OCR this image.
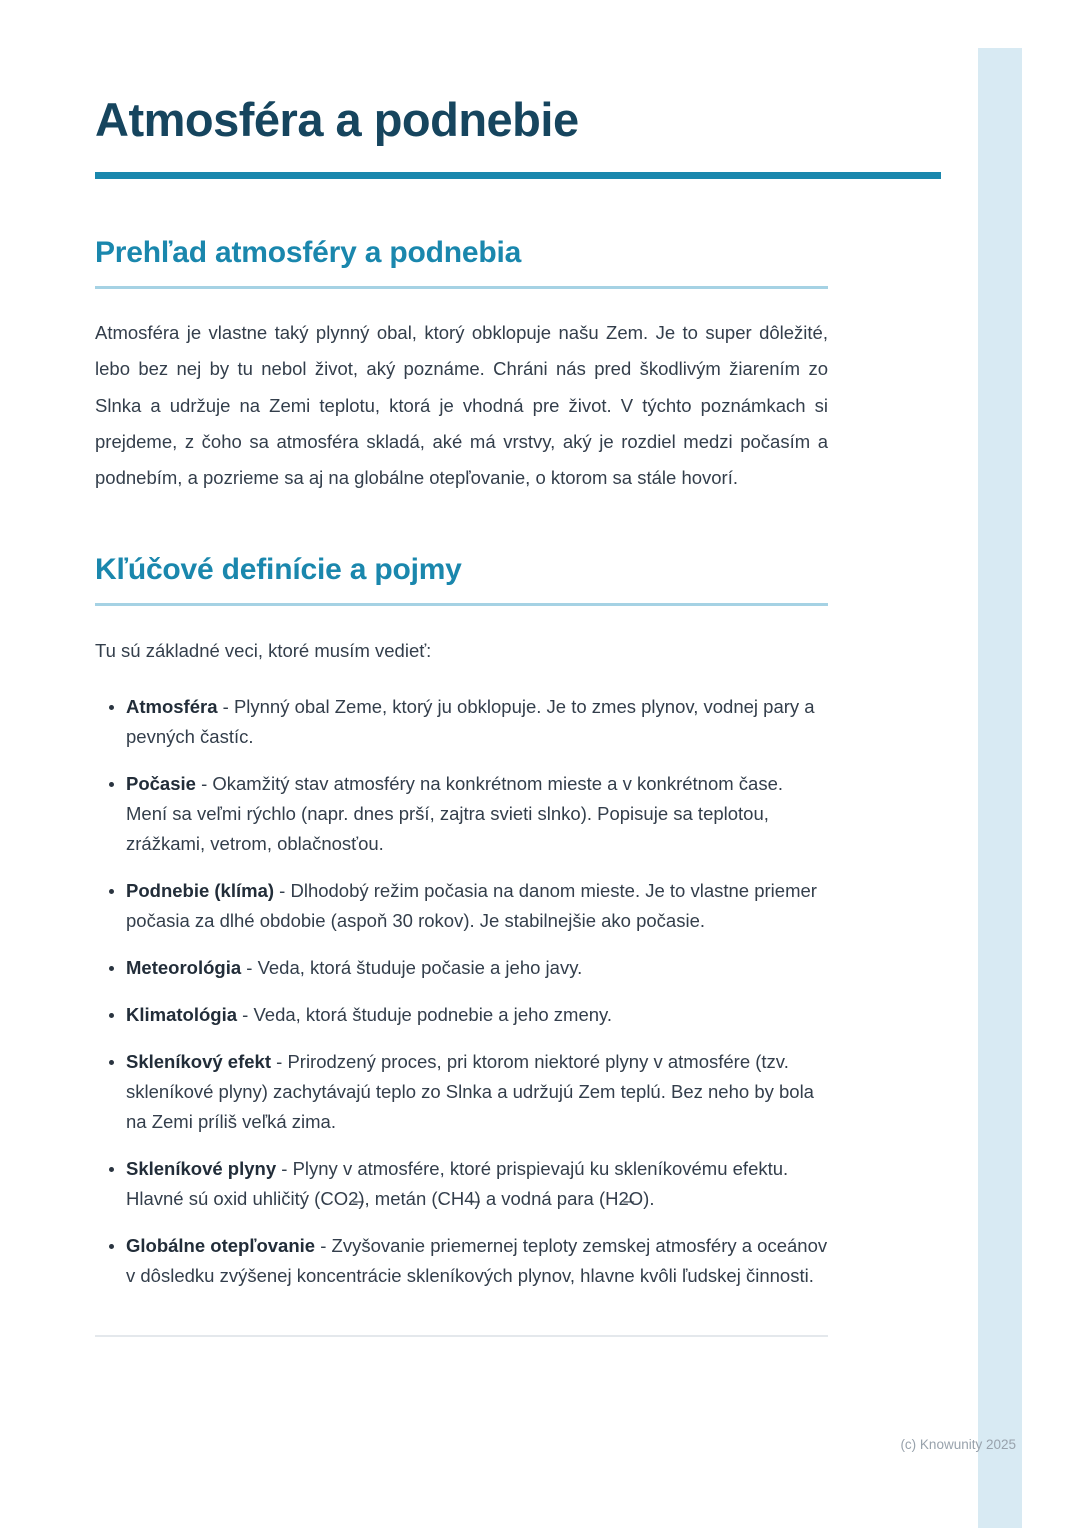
Atmosféra a podnebie
Prehľad atmosféry a podnebia

Atmosféra je vlastne taký plynný obal, ktorý obklopuje našu Zem. Je to super dôležité, lebo bez nej by tu nebol život, aký poznáme. Chráni nás pred škodlivým žiarením zo Slnka a udržuje na Zemi teplotu, ktorá je vhodná pre život. V týchto poznámkach si prejdeme, z čoho sa atmosféra skladá, aké má vrstvy, aký je rozdiel medzi počasím a podnebím, a pozrieme sa aj na globálne otepľovanie, o ktorom sa stále hovorí.

Kľúčové definície a pojmy

Tu sú základné veci, ktoré musím vedieť:

• Atmosféra - Plynný obal Zeme, ktorý ju obklopuje. Je to zmes plynov, vodnej pary a pevných častíc.
• Počasie - Okamžitý stav atmosféry na konkrétnom mieste a v konkrétnom čase. Mení sa veľmi rýchlo (napr. dnes prší, zajtra svieti slnko). Popisuje sa teplotou, zrážkami, vetrom, oblačnosťou.
• Podnebie (klíma) - Dlhodobý režim počasia na danom mieste. Je to vlastne priemer počasia za dlhé obdobie (aspoň 30 rokov). Je stabilnejšie ako počasie.
• Meteorológia - Veda, ktorá študuje počasie a jeho javy.
• Klimatológia - Veda, ktorá študuje podnebie a jeho zmeny.
• Skleníkový efekt - Prirodzený proces, pri ktorom niektoré plyny v atmosfére (tzv. skleníkové plyny) zachytávajú teplo zo Slnka a udržujú Zem teplú. Bez neho by bola na Zemi príliš veľká zima.
• Skleníkové plyny - Plyny v atmosfére, ktoré prispievajú ku skleníkovému efektu. Hlavné sú oxid uhličitý (CO2̶), metán (CH4̶) a vodná para (H2̶O).
• Globálne otepľovanie - Zvyšovanie priemernej teploty zemskej atmosféry a oceánov v dôsledku zvýšenej koncentrácie skleníkových plynov, hlavne kvôli ľudskej činnosti.
(c) Knowunity 2025
